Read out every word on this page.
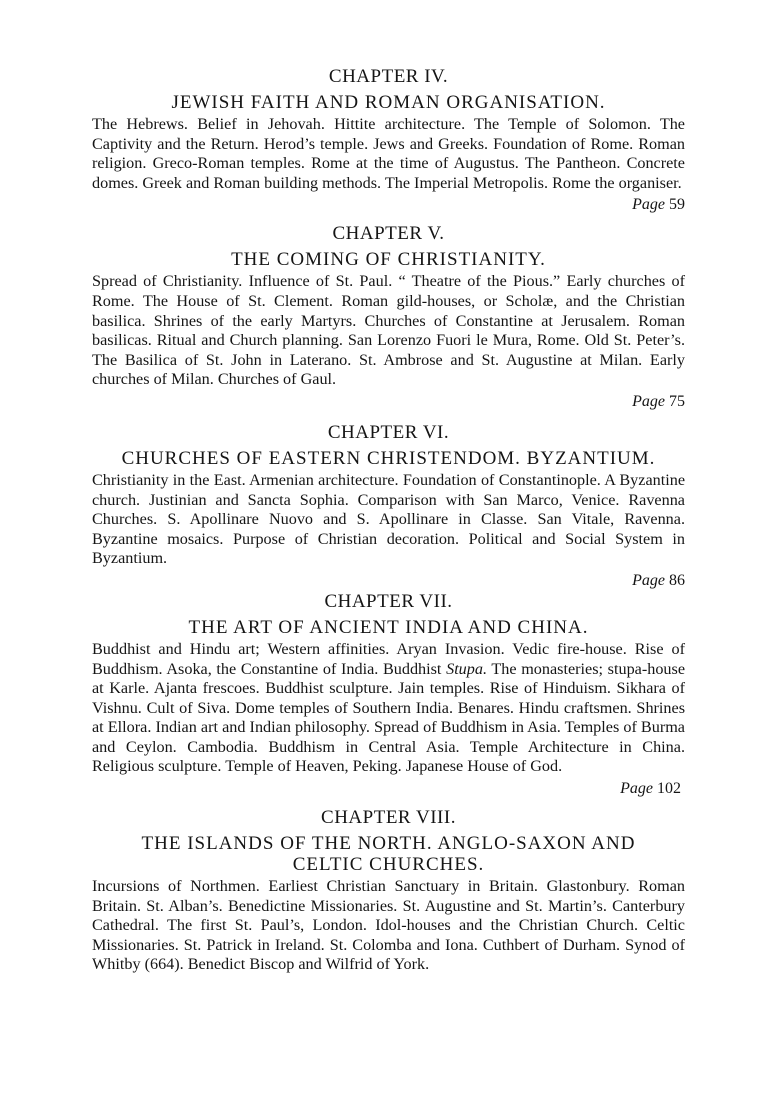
CHAPTER IV.

JEWISH FAITH AND ROMAN ORGANISATION.

The Hebrews. Belief in Jehovah. Hittite architecture. The Temple of Solomon. The Captivity and the Return. Herod’s temple. Jews and Greeks. Foundation of Rome. Roman religion. Greco-Roman temples. Rome at the time of Augustus. The Pantheon. Concrete domes. Greek and Roman building methods. The Imperial Metropolis. Rome the organiser.

Page 59

CHAPTER V.

THE COMING OF CHRISTIANITY.

Spread of Christianity. Influence of St. Paul. “ Theatre of the Pious.” Early churches of Rome. The House of St. Clement. Roman gild-houses, or Scholæ, and the Christian basilica. Shrines of the early Martyrs. Churches of Constantine at Jerusalem. Roman basilicas. Ritual and Church planning. San Lorenzo Fuori le Mura, Rome. Old St. Peter’s. The Basilica of St. John in Laterano. St. Ambrose and St. Augustine at Milan. Early churches of Milan. Churches of Gaul.

Page 75

CHAPTER VI.

CHURCHES OF EASTERN CHRISTENDOM. BYZANTIUM.

Christianity in the East. Armenian architecture. Foundation of Constantinople. A Byzantine church. Justinian and Sancta Sophia. Comparison with San Marco, Venice. Ravenna Churches. S. Apollinare Nuovo and S. Apollinare in Classe. San Vitale, Ravenna. Byzantine mosaics. Purpose of Christian decoration. Political and Social System in Byzantium.

Page 86

CHAPTER VII.

THE ART OF ANCIENT INDIA AND CHINA.

Buddhist and Hindu art; Western affinities. Aryan Invasion. Vedic fire-house. Rise of Buddhism. Asoka, the Constantine of India. Buddhist Stupa. The monasteries; stupa-house at Karle. Ajanta frescoes. Buddhist sculpture. Jain temples. Rise of Hinduism. Sikhara of Vishnu. Cult of Siva. Dome temples of Southern India. Benares. Hindu craftsmen. Shrines at Ellora. Indian art and Indian philosophy. Spread of Buddhism in Asia. Temples of Burma and Ceylon. Cambodia. Buddhism in Central Asia. Temple Architecture in China. Religious sculpture. Temple of Heaven, Peking. Japanese House of God.

Page 102

CHAPTER VIII.

THE ISLANDS OF THE NORTH. ANGLO-SAXON AND
CELTIC CHURCHES.

Incursions of Northmen. Earliest Christian Sanctuary in Britain. Glastonbury. Roman Britain. St. Alban’s. Benedictine Missionaries. St. Augustine and St. Martin’s. Canterbury Cathedral. The first St. Paul’s, London. Idol-houses and the Christian Church. Celtic Missionaries. St. Patrick in Ireland. St. Colomba and Iona. Cuthbert of Durham. Synod of Whitby (664). Benedict Biscop and Wilfrid of York.
